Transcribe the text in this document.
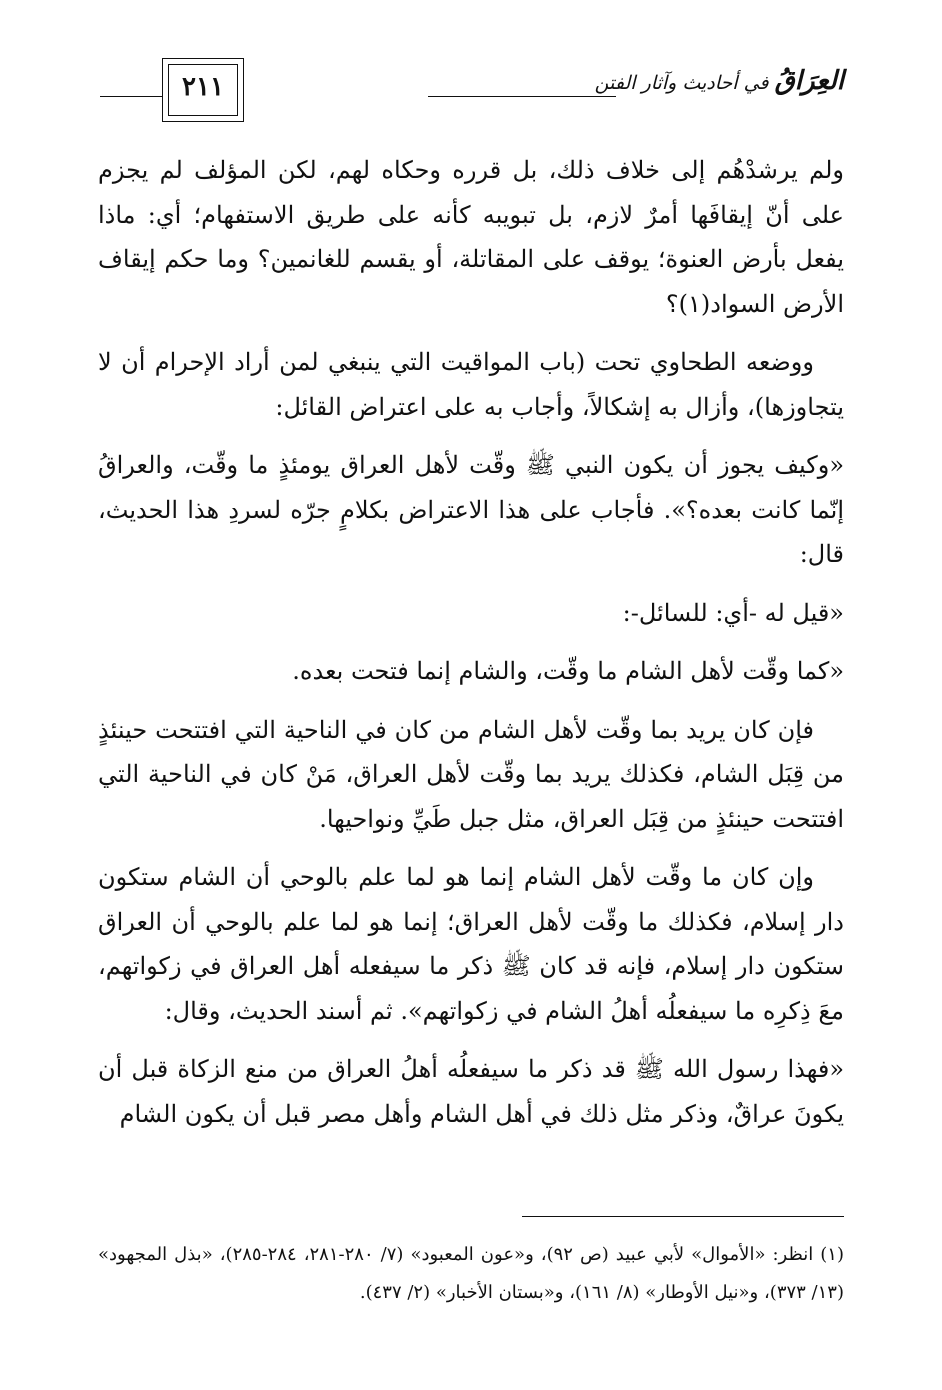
العِرَاقُ في أحاديث وآثار الفتن
٢١١

ولم يرشدْهُم إلى خلاف ذلك، بل قرره وحكاه لهم، لكن المؤلف لم يجزم على أنّ إيقافَها أمرٌ لازم، بل تبويبه كأنه على طريق الاستفهام؛ أي: ماذا يفعل بأرض العنوة؛ يوقف على المقاتلة، أو يقسم للغانمين؟ وما حكم إيقاف الأرض السواد(١)؟

ووضعه الطحاوي تحت (باب المواقيت التي ينبغي لمن أراد الإحرام أن لا يتجاوزها)، وأزال به إشكالاً، وأجاب به على اعتراض القائل:

«وكيف يجوز أن يكون النبي ﷺ وقّت لأهل العراق يومئذٍ ما وقّت، والعراقُ إنّما كانت بعده؟». فأجاب على هذا الاعتراض بكلامٍ جرّه لسردِ هذا الحديث، قال:

«قيل له -أي: للسائل-:

«كما وقّت لأهل الشام ما وقّت، والشام إنما فتحت بعده.

فإن كان يريد بما وقّت لأهل الشام من كان في الناحية التي افتتحت حينئذٍ من قِبَل الشام، فكذلك يريد بما وقّت لأهل العراق، مَنْ كان في الناحية التي افتتحت حينئذٍ من قِبَل العراق، مثل جبل طَيِّ ونواحيها.

وإن كان ما وقّت لأهل الشام إنما هو لما علم بالوحي أن الشام ستكون دار إسلام، فكذلك ما وقّت لأهل العراق؛ إنما هو لما علم بالوحي أن العراق ستكون دار إسلام، فإنه قد كان ﷺ ذكر ما سيفعله أهل العراق في زكواتهم، معَ ذِكرِه ما سيفعلُه أهلُ الشام في زكواتهم». ثم أسند الحديث، وقال:

«فهذا رسول الله ﷺ قد ذكر ما سيفعلُه أهلُ العراق من منع الزكاة قبل أن يكونَ عراقٌ، وذكر مثل ذلك في أهل الشام وأهل مصر قبل أن يكون الشام

(١) انظر: «الأموال» لأبي عبيد (ص ٩٢)، و«عون المعبود» (٧/ ٢٨٠-٢٨١، ٢٨٤-٢٨٥)، «بذل المجهود» (١٣/ ٣٧٣)، و«نيل الأوطار» (٨/ ١٦١)، و«بستان الأخبار» (٢/ ٤٣٧).
